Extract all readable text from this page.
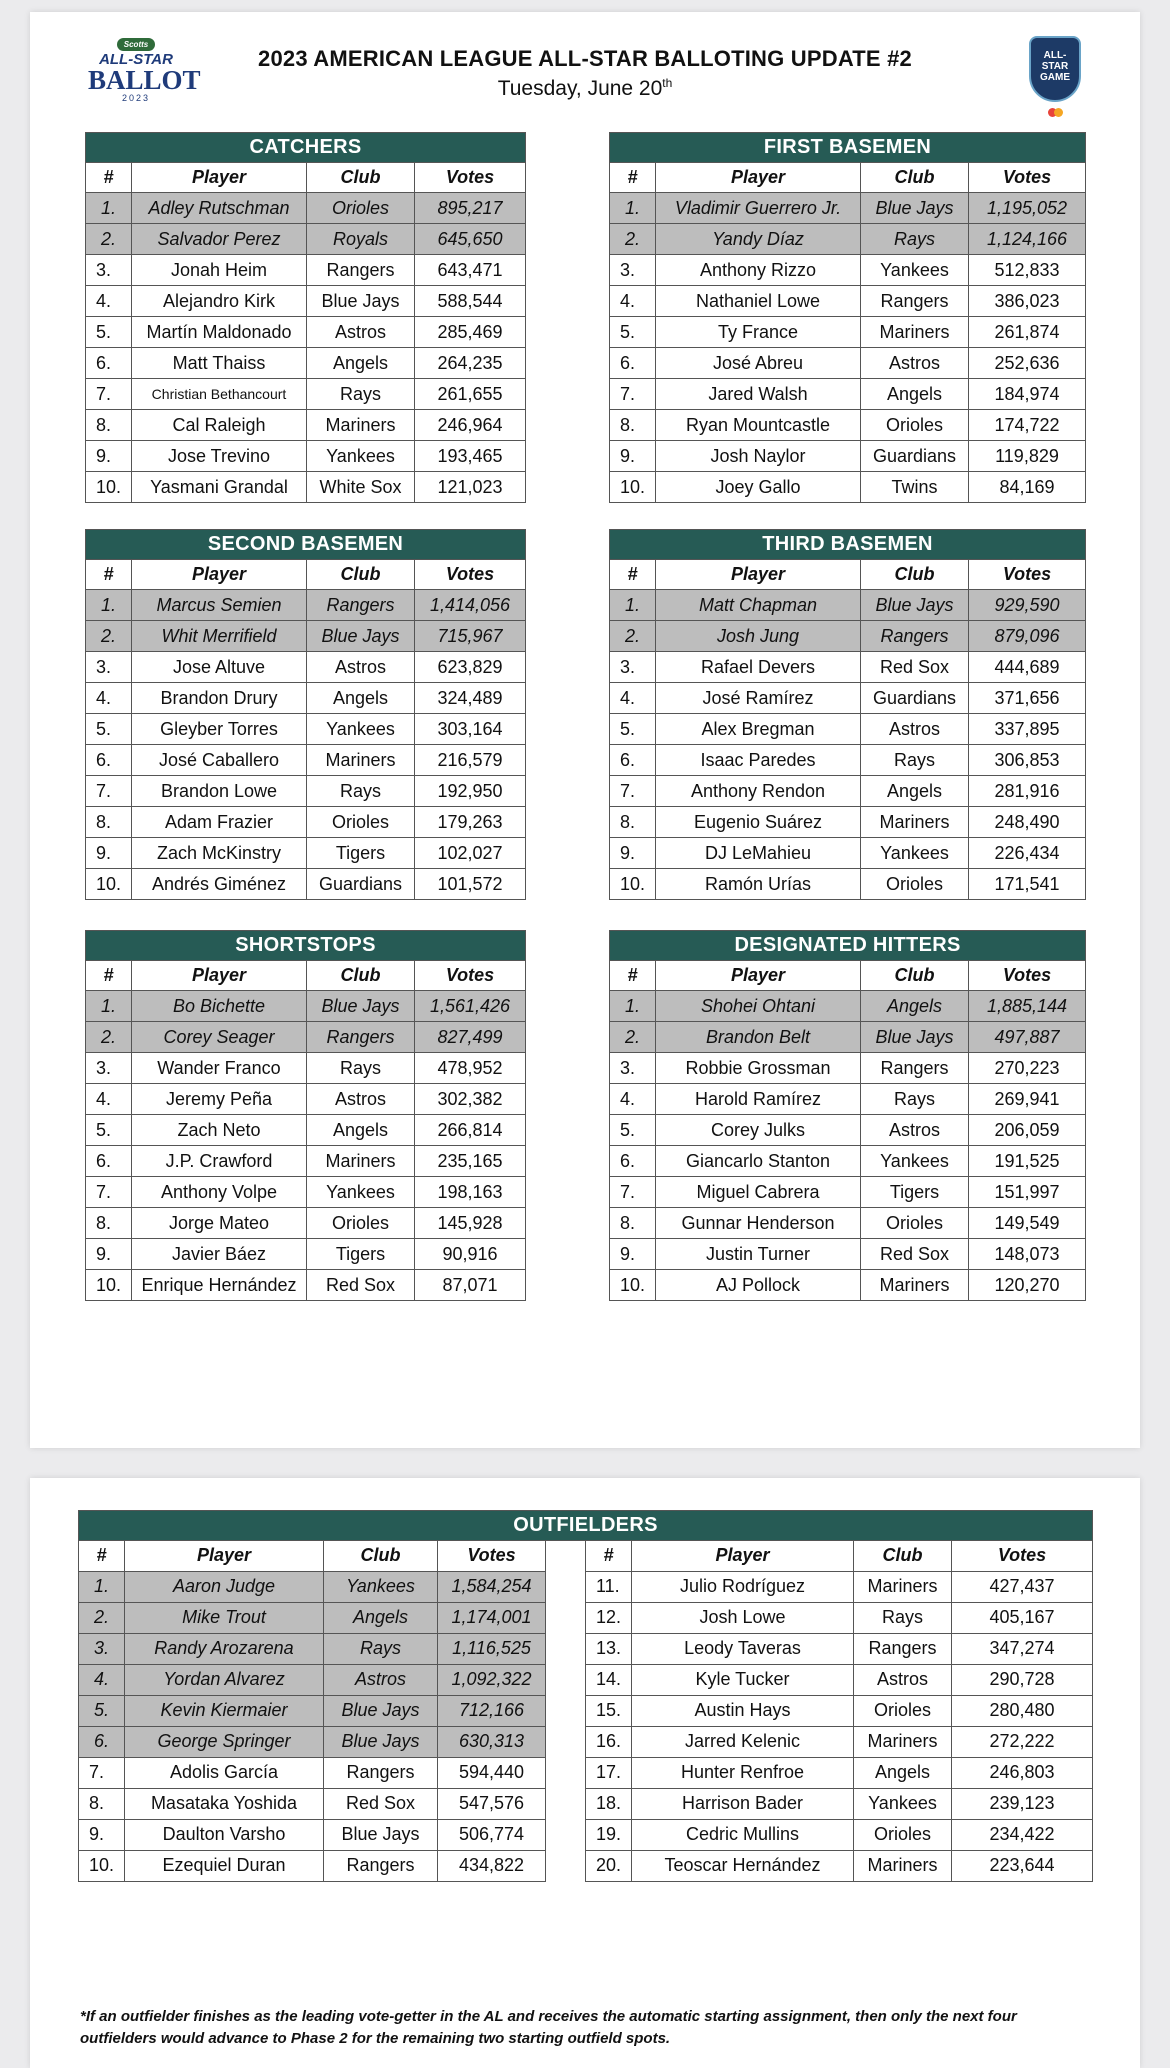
Scotts
ALL-STAR
BALLOT
2023
2023 AMERICAN LEAGUE ALL-STAR BALLOTING UPDATE #2
Tuesday, June 20th
ALL-STAR GAME
CATCHERS			
#	Player	Club	Votes
1.	Adley Rutschman	Orioles	895,217
2.	Salvador Perez	Royals	645,650
3.	Jonah Heim	Rangers	643,471
4.	Alejandro Kirk	Blue Jays	588,544
5.	Martín Maldonado	Astros	285,469
6.	Matt Thaiss	Angels	264,235
7.	Christian Bethancourt	Rays	261,655
8.	Cal Raleigh	Mariners	246,964
9.	Jose Trevino	Yankees	193,465
10.	Yasmani Grandal	White Sox	121,023
FIRST BASEMEN			
#	Player	Club	Votes
1.	Vladimir Guerrero Jr.	Blue Jays	1,195,052
2.	Yandy Díaz	Rays	1,124,166
3.	Anthony Rizzo	Yankees	512,833
4.	Nathaniel Lowe	Rangers	386,023
5.	Ty France	Mariners	261,874
6.	José Abreu	Astros	252,636
7.	Jared Walsh	Angels	184,974
8.	Ryan Mountcastle	Orioles	174,722
9.	Josh Naylor	Guardians	119,829
10.	Joey Gallo	Twins	84,169
SECOND BASEMEN			
#	Player	Club	Votes
1.	Marcus Semien	Rangers	1,414,056
2.	Whit Merrifield	Blue Jays	715,967
3.	Jose Altuve	Astros	623,829
4.	Brandon Drury	Angels	324,489
5.	Gleyber Torres	Yankees	303,164
6.	José Caballero	Mariners	216,579
7.	Brandon Lowe	Rays	192,950
8.	Adam Frazier	Orioles	179,263
9.	Zach McKinstry	Tigers	102,027
10.	Andrés Giménez	Guardians	101,572
THIRD BASEMEN			
#	Player	Club	Votes
1.	Matt Chapman	Blue Jays	929,590
2.	Josh Jung	Rangers	879,096
3.	Rafael Devers	Red Sox	444,689
4.	José Ramírez	Guardians	371,656
5.	Alex Bregman	Astros	337,895
6.	Isaac Paredes	Rays	306,853
7.	Anthony Rendon	Angels	281,916
8.	Eugenio Suárez	Mariners	248,490
9.	DJ LeMahieu	Yankees	226,434
10.	Ramón Urías	Orioles	171,541
SHORTSTOPS			
#	Player	Club	Votes
1.	Bo Bichette	Blue Jays	1,561,426
2.	Corey Seager	Rangers	827,499
3.	Wander Franco	Rays	478,952
4.	Jeremy Peña	Astros	302,382
5.	Zach Neto	Angels	266,814
6.	J.P. Crawford	Mariners	235,165
7.	Anthony Volpe	Yankees	198,163
8.	Jorge Mateo	Orioles	145,928
9.	Javier Báez	Tigers	90,916
10.	Enrique Hernández	Red Sox	87,071
DESIGNATED HITTERS			
#	Player	Club	Votes
1.	Shohei Ohtani	Angels	1,885,144
2.	Brandon Belt	Blue Jays	497,887
3.	Robbie Grossman	Rangers	270,223
4.	Harold Ramírez	Rays	269,941
5.	Corey Julks	Astros	206,059
6.	Giancarlo Stanton	Yankees	191,525
7.	Miguel Cabrera	Tigers	151,997
8.	Gunnar Henderson	Orioles	149,549
9.	Justin Turner	Red Sox	148,073
10.	AJ Pollock	Mariners	120,270
OUTFIELDERS								
#	Player	Club	Votes		#	Player	Club	Votes
1.	Aaron Judge	Yankees	1,584,254		11.	Julio Rodríguez	Mariners	427,437
2.	Mike Trout	Angels	1,174,001		12.	Josh Lowe	Rays	405,167
3.	Randy Arozarena	Rays	1,116,525		13.	Leody Taveras	Rangers	347,274
4.	Yordan Alvarez	Astros	1,092,322		14.	Kyle Tucker	Astros	290,728
5.	Kevin Kiermaier	Blue Jays	712,166		15.	Austin Hays	Orioles	280,480
6.	George Springer	Blue Jays	630,313		16.	Jarred Kelenic	Mariners	272,222
7.	Adolis García	Rangers	594,440		17.	Hunter Renfroe	Angels	246,803
8.	Masataka Yoshida	Red Sox	547,576		18.	Harrison Bader	Yankees	239,123
9.	Daulton Varsho	Blue Jays	506,774		19.	Cedric Mullins	Orioles	234,422
10.	Ezequiel Duran	Rangers	434,822		20.	Teoscar Hernández	Mariners	223,644
*If an outfielder finishes as the leading vote-getter in the AL and receives the automatic starting assignment, then only the next four outfielders would advance to Phase 2 for the remaining two starting outfield spots.
